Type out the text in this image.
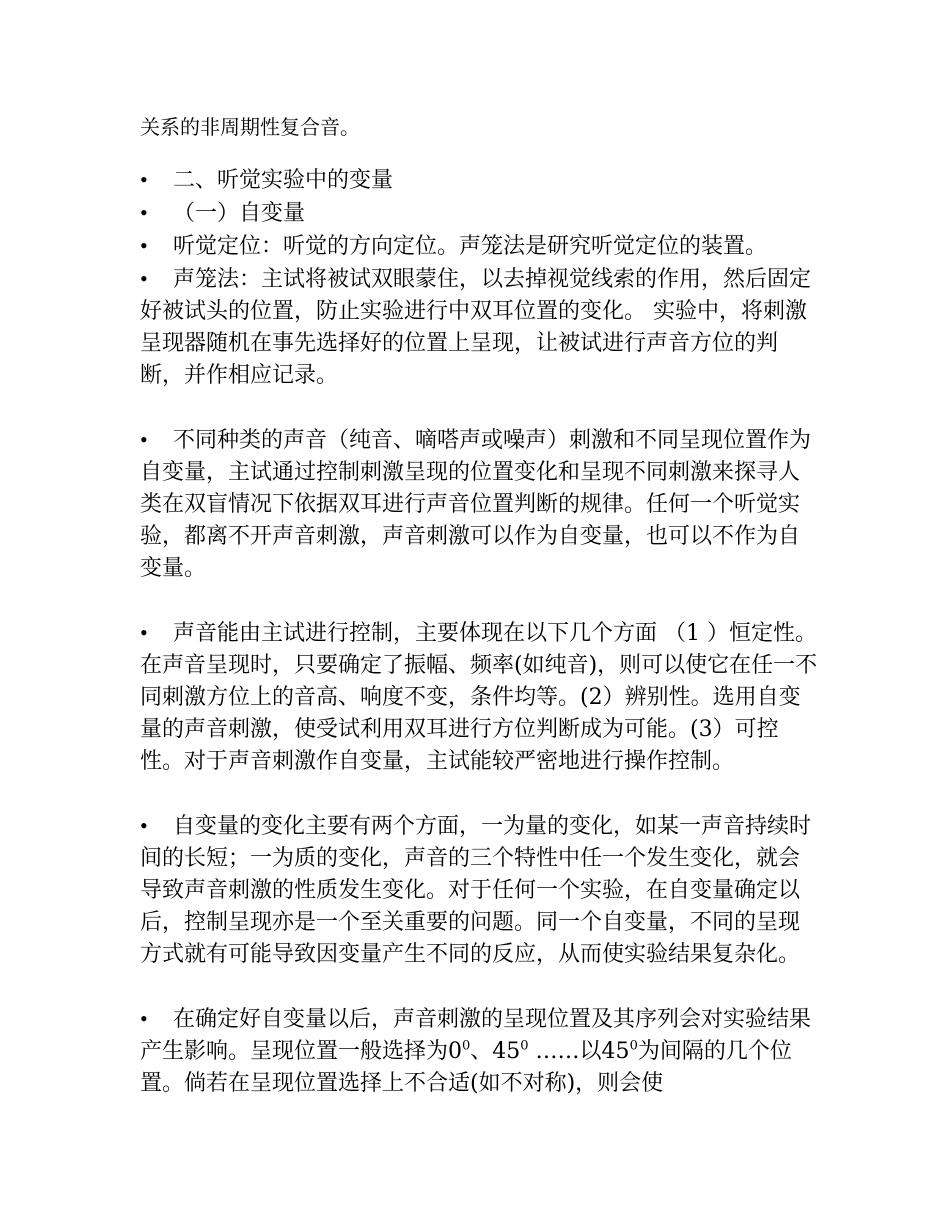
关系的非周期性复合音。
• 二、听觉实验中的变量
• （一）自变量
• 听觉定位：听觉的方向定位。声笼法是研究听觉定位的装置。
• 声笼法：主试将被试双眼蒙住，以去掉视觉线索的作用，然后固定好被试头的位置，防止实验进行中双耳位置的变化。 实验中，将刺激呈现器随机在事先选择好的位置上呈现，让被试进行声音方位的判断，并作相应记录。
• 不同种类的声音（纯音、嘀嗒声或噪声）刺激和不同呈现位置作为自变量，主试通过控制刺激呈现的位置变化和呈现不同刺激来探寻人类在双盲情况下依据双耳进行声音位置判断的规律。任何一个听觉实验，都离不开声音刺激，声音刺激可以作为自变量，也可以不作为自变量。
• 声音能由主试进行控制，主要体现在以下几个方面 （1 ）恒定性。在声音呈现时，只要确定了振幅、频率(如纯音)，则可以使它在任一不同刺激方位上的音高、响度不变，条件均等。(2）辨别性。选用自变量的声音刺激，使受试利用双耳进行方位判断成为可能。(3）可控性。对于声音刺激作自变量，主试能较严密地进行操作控制。
• 自变量的变化主要有两个方面，一为量的变化，如某一声音持续时间的长短；一为质的变化，声音的三个特性中任一个发生变化，就会导致声音刺激的性质发生变化。对于任何一个实验，在自变量确定以后，控制呈现亦是一个至关重要的问题。同一个自变量，不同的呈现方式就有可能导致因变量产生不同的反应，从而使实验结果复杂化。
• 在确定好自变量以后，声音刺激的呈现位置及其序列会对实验结果产生影响。呈现位置一般选择为$0^0$、$45^0$ ……以$45^0$为间隔的几个位置。倘若在呈现位置选择上不合适(如不对称)，则会使
